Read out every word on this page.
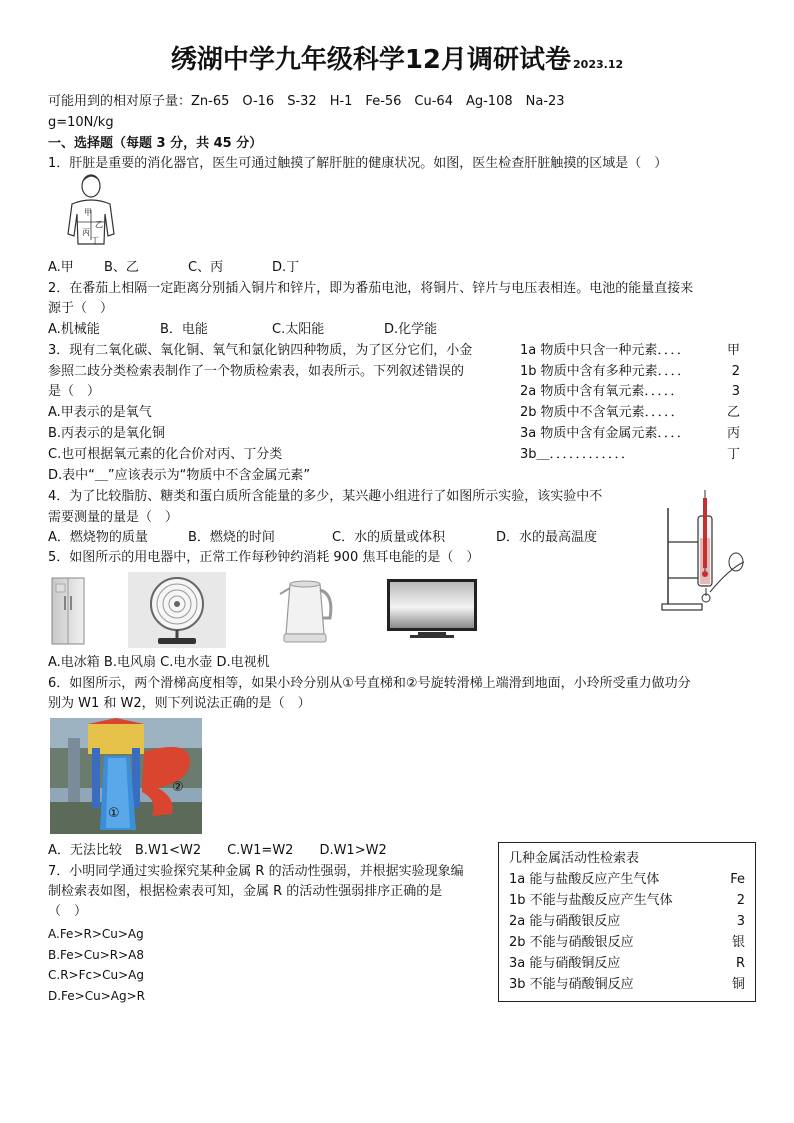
绣湖中学九年级科学12月调研试卷 2023.12
可能用到的相对原子量：Zn-65　O-16　S-32　H-1　Fe-56　Cu-64　Ag-108　Na-23
g=10N/kg
一、选择题（每题 3 分，共 45 分）
1．肝脏是重要的消化器官，医生可通过触摸了解肝脏的健康状况。如图，医生检查肝脏触摸的区域是（　）
甲
乙
丙
丁
A.甲 B、乙	C、丙	D.丁
2．在番茄上相隔一定距离分别插入铜片和锌片，即为番茄电池，将铜片、锌片与电压表相连。电池的能量直接来
源于（　）
A.机械能	B．电能	C.太阳能	D.化学能
3．现有二氧化碳、氧化铜、氧气和氯化钠四种物质，为了区分它们，小金
参照二歧分类检索表制作了一个物质检索表，如表所示。下列叙述错误的
是（　）
A.甲表示的是氧气
B.丙表示的是氧化铜
C.也可根据氧元素的化合价对丙、丁分类
D.表中“＿”应该表示为“物质中不含金属元素”
1a 物质中只含一种元素．．．．	甲
1b 物质中含有多种元素．．．．	2
2a 物质中含有氧元素．．．．．	3
2b 物质中不含氧元素．．．．．	乙
3a 物质中含有金属元素．．．．	丙
3b＿．．．．．．．．．．．．	丁
4．为了比较脂肪、糖类和蛋白质所含能量的多少，某兴趣小组进行了如图所示实验，该实验中不
需要测量的量是（　）
A．燃烧物的质量	B．燃烧的时间	C．水的质量或体积	D．水的最高温度
5．如图所示的用电器中，正常工作每秒钟约消耗 900 焦耳电能的是（　）
A.电冰箱 B.电风扇 C.电水壶 D.电视机
6．如图所示，两个滑梯高度相等，如果小玲分别从①号直梯和②号旋转滑梯上端滑到地面，小玲所受重力做功分
别为 W1 和 W2，则下列说法正确的是（　）
①
②
A．无法比较　B.W1<W2　　C.W1=W2　　D.W1>W2
7．小明同学通过实验探究某种金属 R 的活动性强弱，并根据实验现象编
制检索表如图，根据检索表可知，金属 R 的活动性强弱排序正确的是
（　）
A.Fe>R>Cu>Ag
B.Fe>Cu>R>A8
C.R>Fc>Cu>Ag
D.Fe>Cu>Ag>R
几种金属活动性检索表
1a 能与盐酸反应产生气体	Fe
1b 不能与盐酸反应产生气体	2
2a 能与硝酸银反应	3
2b 不能与硝酸银反应	银
3a 能与硝酸铜反应	R
3b 不能与硝酸铜反应	铜
